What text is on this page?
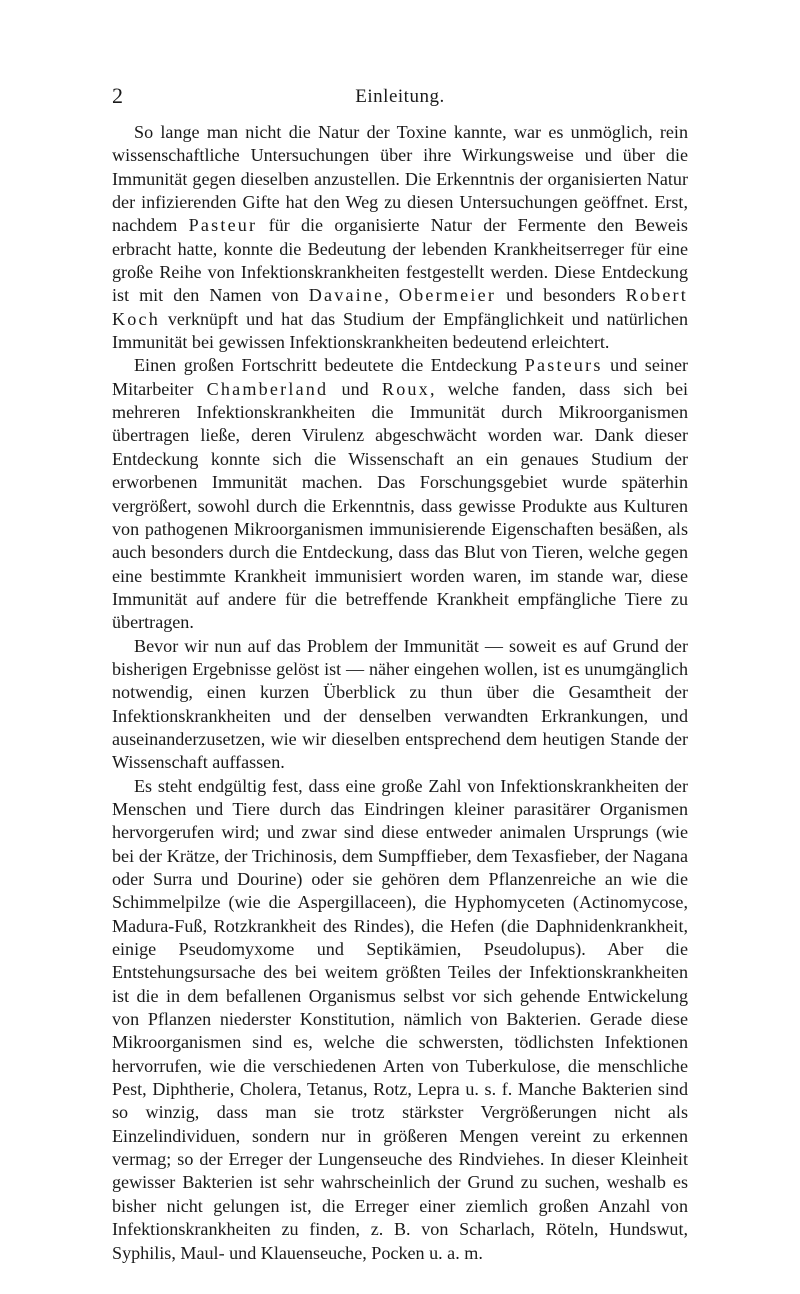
2	Einleitung.

So lange man nicht die Natur der Toxine kannte, war es unmöglich, rein wissenschaftliche Untersuchungen über ihre Wirkungsweise und über die Immunität gegen dieselben anzustellen. Die Erkenntnis der organisierten Natur der infizierenden Gifte hat den Weg zu diesen Untersuchungen geöffnet. Erst, nachdem Pasteur für die organisierte Natur der Fermente den Beweis erbracht hatte, konnte die Bedeutung der lebenden Krankheitserreger für eine große Reihe von Infektionskrankheiten festgestellt werden. Diese Entdeckung ist mit den Namen von Davaine, Obermeier und besonders Robert Koch verknüpft und hat das Studium der Empfänglichkeit und natürlichen Immunität bei gewissen Infektionskrankheiten bedeutend erleichtert.

Einen großen Fortschritt bedeutete die Entdeckung Pasteurs und seiner Mitarbeiter Chamberland und Roux, welche fanden, dass sich bei mehreren Infektionskrankheiten die Immunität durch Mikroorganismen übertragen ließe, deren Virulenz abgeschwächt worden war. Dank dieser Entdeckung konnte sich die Wissenschaft an ein genaues Studium der erworbenen Immunität machen. Das Forschungsgebiet wurde späterhin vergrößert, sowohl durch die Erkenntnis, dass gewisse Produkte aus Kulturen von pathogenen Mikroorganismen immunisierende Eigenschaften besäßen, als auch besonders durch die Entdeckung, dass das Blut von Tieren, welche gegen eine bestimmte Krankheit immunisiert worden waren, im stande war, diese Immunität auf andere für die betreffende Krankheit empfängliche Tiere zu übertragen.

Bevor wir nun auf das Problem der Immunität — soweit es auf Grund der bisherigen Ergebnisse gelöst ist — näher eingehen wollen, ist es unumgänglich notwendig, einen kurzen Überblick zu thun über die Gesamtheit der Infektionskrankheiten und der denselben verwandten Erkrankungen, und auseinanderzusetzen, wie wir dieselben entsprechend dem heutigen Stande der Wissenschaft auffassen.

Es steht endgültig fest, dass eine große Zahl von Infektionskrankheiten der Menschen und Tiere durch das Eindringen kleiner parasitärer Organismen hervorgerufen wird; und zwar sind diese entweder animalen Ursprungs (wie bei der Krätze, der Trichinosis, dem Sumpffieber, dem Texasfieber, der Nagana oder Surra und Dourine) oder sie gehören dem Pflanzenreiche an wie die Schimmelpilze (wie die Aspergillaceen), die Hyphomyceten (Actinomycose, Madura-Fuß, Rotzkrankheit des Rindes), die Hefen (die Daphnidenkrankheit, einige Pseudomyxome und Septikämien, Pseudolupus). Aber die Entstehungsursache des bei weitem größten Teiles der Infektionskrankheiten ist die in dem befallenen Organismus selbst vor sich gehende Entwickelung von Pflanzen niederster Konstitution, nämlich von Bakterien. Gerade diese Mikroorganismen sind es, welche die schwersten, tödlichsten Infektionen hervorrufen, wie die verschiedenen Arten von Tuberkulose, die menschliche Pest, Diphtherie, Cholera, Tetanus, Rotz, Lepra u. s. f. Manche Bakterien sind so winzig, dass man sie trotz stärkster Vergrößerungen nicht als Einzelindividuen, sondern nur in größeren Mengen vereint zu erkennen vermag; so der Erreger der Lungenseuche des Rindviehes. In dieser Kleinheit gewisser Bakterien ist sehr wahrscheinlich der Grund zu suchen, weshalb es bisher nicht gelungen ist, die Erreger einer ziemlich großen Anzahl von Infektionskrankheiten zu finden, z. B. von Scharlach, Röteln, Hundswut, Syphilis, Maul- und Klauenseuche, Pocken u. a. m.
